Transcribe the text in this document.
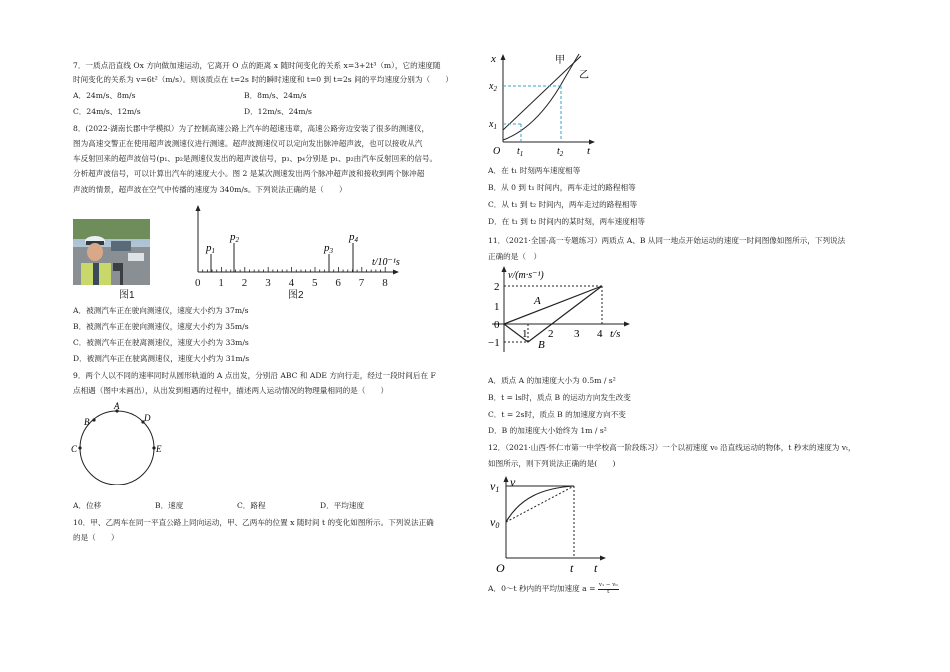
7．一质点沿直线 Ox 方向做加速运动，它离开 O 点的距离 x 随时间变化的关系 x=3+2t³（m），它的速度随
时间变化的关系为 v=6t²（m/s）。则该质点在 t=2s 时的瞬时速度和 t=0 到 t=2s 间的平均速度分别为（　　）
A．24m/s、8m/s	B．8m/s、24m/s
C．24m/s、12m/s	D．12m/s、24m/s
8．(2022·湖南长郡中学模拟）为了控制高速公路上汽车的超速违章，高速公路旁边安装了很多的测速仪，
图为高速交警正在使用超声波测速仪进行测速。超声波测速仪可以定向发出脉冲超声波，也可以接收从汽
车反射回来的超声波信号(p₁、p₂是测速仪发出的超声波信号，p₃、p₄分别是 p₁、p₂由汽车反射回来的信号。
分析超声波信号，可以计算出汽车的速度大小。图 2 是某次测速发出两个脉冲超声波和接收到两个脉冲超
声波的情景，超声波在空气中传播的速度为 340m/s。下列说法正确的是（　　）
图1
0 1 2 3 4 5 6 7 8
p1
p2
p3
p4
t/10⁻¹s
图2
A．被测汽车正在驶向测速仪，速度大小约为 37m/s
B．被测汽车正在驶向测速仪，速度大小约为 35m/s
C．被测汽车正在驶离测速仪，速度大小约为 33m/s
D．被测汽车正在驶离测速仪，速度大小约为 31m/s
9．两个人以不同的速率同时从圆形轨道的 A 点出发，分别沿 ABC 和 ADE 方向行走，经过一段时间后在 F
点相遇（图中未画出），从出发到相遇的过程中，描述两人运动情况的物理量相同的是（　　）
A
B
C
D
E
A．位移	B．速度	C．路程	D．平均速度
10．甲、乙两车在同一平直公路上同向运动，甲、乙两车的位置 x 随时间 t 的变化如图所示。下列说法正确
的是（　　）
x	甲
乙
$x_2$
$x_1$
O $t_1$	$t_2$ t
A．在 t₁ 时刻两车速度相等
B．从 0 到 t₁ 时间内，两车走过的路程相等
C．从 t₁ 到 t₂ 时间内，两车走过的路程相等
D．在 t₁ 到 t₂ 时间内的某时刻，两车速度相等
11．（2021·全国·高一专题练习）两质点 A、B 从同一地点开始运动的速度一时间图像如图所示，下列说法
正确的是（　）
v/(m·s⁻¹)
2
1
0
−1
1 2 3 4 t/s
A
B
A．质点 A 的加速度大小为 0.5m / s²
B．t = ls时，质点 B 的运动方向发生改变
C．t = 2s时，质点 B 的加速度方向不变
D．B 的加速度大小始终为 1m / s²
12．（2021·山西·怀仁市第一中学校高一阶段练习）一个以初速度 v₀ 沿直线运动的物体，t 秒末的速度为 vₜ，
如图所示，则下列说法正确的是(　　)
v
v1
v0
O	t t
A．0～t 秒内的平均加速度 $a = \frac{\text{v₁ − v₀}}{t}$
